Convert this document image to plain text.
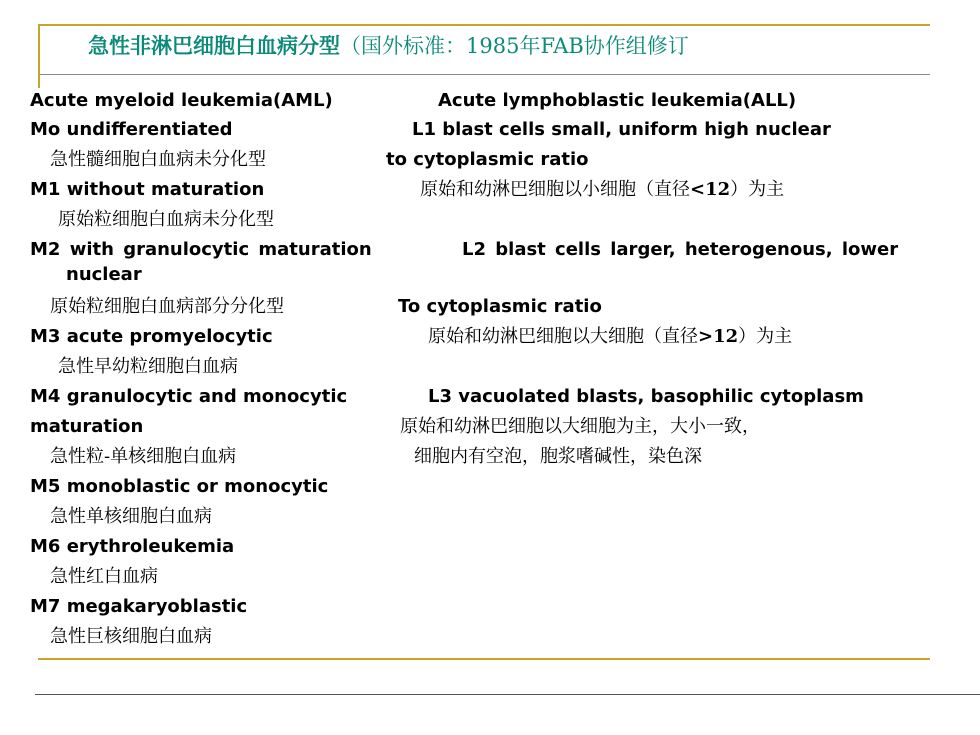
急性非淋巴细胞白血病分型（国外标准：1985年FAB协作组修订
Acute myeloid leukemia(AML)
Mo undifferentiated
急性髓细胞白血病未分化型
M1 without maturation
原始粒细胞白血病未分化型
M2 with granulocytic maturation
nuclear
原始粒细胞白血病部分分化型
M3 acute promyelocytic
急性早幼粒细胞白血病
M4 granulocytic and monocytic
maturation
急性粒-单核细胞白血病
M5 monoblastic or monocytic
急性单核细胞白血病
M6 erythroleukemia
急性红白血病
M7 megakaryoblastic
急性巨核细胞白血病
Acute lymphoblastic leukemia(ALL)
L1 blast cells small, uniform high nuclear
to cytoplasmic ratio
原始和幼淋巴细胞以小细胞（直径<12）为主
L2 blast cells larger, heterogenous, lower
To cytoplasmic ratio
原始和幼淋巴细胞以大细胞（直径>12）为主
L3 vacuolated blasts, basophilic cytoplasm
原始和幼淋巴细胞以大细胞为主，大小一致，
细胞内有空泡，胞浆嗜碱性，染色深
